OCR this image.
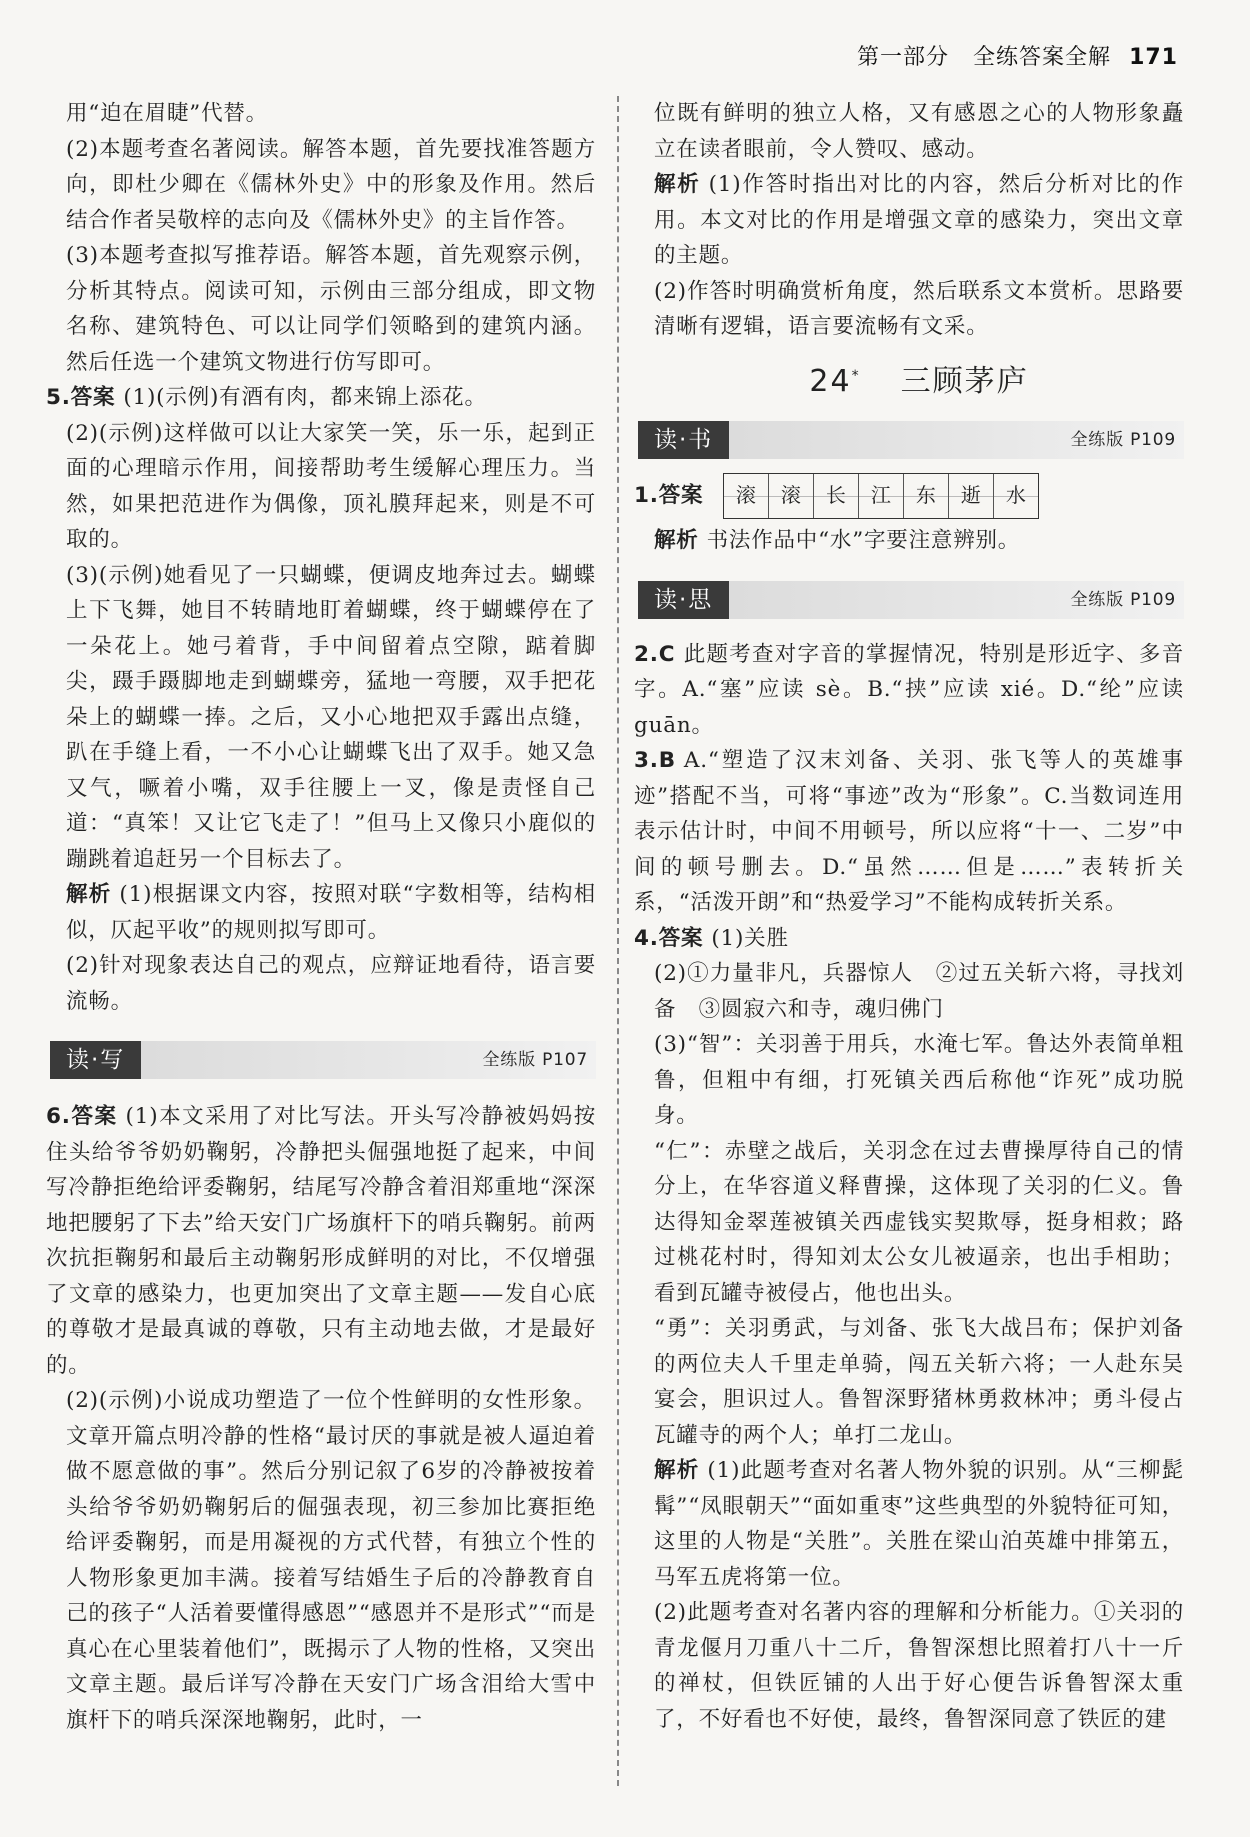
第一部分 全练答案全解 171

用“迫在眉睫”代替。

(2)本题考查名著阅读。解答本题，首先要找准答题方向，即杜少卿在《儒林外史》中的形象及作用。然后结合作者吴敬梓的志向及《儒林外史》的主旨作答。

(3)本题考查拟写推荐语。解答本题，首先观察示例，分析其特点。阅读可知，示例由三部分组成，即文物名称、建筑特色、可以让同学们领略到的建筑内涵。然后任选一个建筑文物进行仿写即可。

5.答案 (1)(示例)有酒有肉，都来锦上添花。

(2)(示例)这样做可以让大家笑一笑，乐一乐，起到正面的心理暗示作用，间接帮助考生缓解心理压力。当然，如果把范进作为偶像，顶礼膜拜起来，则是不可取的。

(3)(示例)她看见了一只蝴蝶，便调皮地奔过去。蝴蝶上下飞舞，她目不转睛地盯着蝴蝶，终于蝴蝶停在了一朵花上。她弓着背，手中间留着点空隙，踮着脚尖，蹑手蹑脚地走到蝴蝶旁，猛地一弯腰，双手把花朵上的蝴蝶一捧。之后，又小心地把双手露出点缝，趴在手缝上看，一不小心让蝴蝶飞出了双手。她又急又气，噘着小嘴，双手往腰上一叉，像是责怪自己道：“真笨！又让它飞走了！”但马上又像只小鹿似的蹦跳着追赶另一个目标去了。

解析 (1)根据课文内容，按照对联“字数相等，结构相似，仄起平收”的规则拟写即可。

(2)针对现象表达自己的观点，应辩证地看待，语言要流畅。

读·写	全练版 P107

6.答案 (1)本文采用了对比写法。开头写冷静被妈妈按住头给爷爷奶奶鞠躬，冷静把头倔强地挺了起来，中间写冷静拒绝给评委鞠躬，结尾写冷静含着泪郑重地“深深地把腰躬了下去”给天安门广场旗杆下的哨兵鞠躬。前两次抗拒鞠躬和最后主动鞠躬形成鲜明的对比，不仅增强了文章的感染力，也更加突出了文章主题——发自心底的尊敬才是最真诚的尊敬，只有主动地去做，才是最好的。

(2)(示例)小说成功塑造了一位个性鲜明的女性形象。文章开篇点明冷静的性格“最讨厌的事就是被人逼迫着做不愿意做的事”。然后分别记叙了6岁的冷静被按着头给爷爷奶奶鞠躬后的倔强表现，初三参加比赛拒绝给评委鞠躬，而是用凝视的方式代替，有独立个性的人物形象更加丰满。接着写结婚生子后的冷静教育自己的孩子“人活着要懂得感恩”“感恩并不是形式”“而是真心在心里装着他们”，既揭示了人物的性格，又突出文章主题。最后详写冷静在天安门广场含泪给大雪中旗杆下的哨兵深深地鞠躬，此时，一

位既有鲜明的独立人格，又有感恩之心的人物形象矗立在读者眼前，令人赞叹、感动。

解析 (1)作答时指出对比的内容，然后分析对比的作用。本文对比的作用是增强文章的感染力，突出文章的主题。

(2)作答时明确赏析角度，然后联系文本赏析。思路要清晰有逻辑，语言要流畅有文采。

24* 三顾茅庐
读·书	全练版 P109
1.答案 滚 滚 长 江 东 逝 水

解析 书法作品中“水”字要注意辨别。

读·思	全练版 P109

2.C 此题考查对字音的掌握情况，特别是形近字、多音字。A.“塞”应读 sè。B.“挟”应读 xié。D.“纶”应读 guān。

3.B A.“塑造了汉末刘备、关羽、张飞等人的英雄事迹”搭配不当，可将“事迹”改为“形象”。C.当数词连用表示估计时，中间不用顿号，所以应将“十一、二岁”中间的顿号删去。D.“虽然……但是……”表转折关系，“活泼开朗”和“热爱学习”不能构成转折关系。

4.答案 (1)关胜

(2)①力量非凡，兵器惊人　②过五关斩六将，寻找刘备　③圆寂六和寺，魂归佛门

(3)“智”：关羽善于用兵，水淹七军。鲁达外表简单粗鲁，但粗中有细，打死镇关西后称他“诈死”成功脱身。

“仁”：赤壁之战后，关羽念在过去曹操厚待自己的情分上，在华容道义释曹操，这体现了关羽的仁义。鲁达得知金翠莲被镇关西虚钱实契欺辱，挺身相救；路过桃花村时，得知刘太公女儿被逼亲，也出手相助；看到瓦罐寺被侵占，他也出头。

“勇”：关羽勇武，与刘备、张飞大战吕布；保护刘备的两位夫人千里走单骑，闯五关斩六将；一人赴东吴宴会，胆识过人。鲁智深野猪林勇救林冲；勇斗侵占瓦罐寺的两个人；单打二龙山。

解析 (1)此题考查对名著人物外貌的识别。从“三柳髭髯”“凤眼朝天”“面如重枣”这些典型的外貌特征可知，这里的人物是“关胜”。关胜在梁山泊英雄中排第五，马军五虎将第一位。

(2)此题考查对名著内容的理解和分析能力。①关羽的青龙偃月刀重八十二斤，鲁智深想比照着打八十一斤的禅杖，但铁匠铺的人出于好心便告诉鲁智深太重了，不好看也不好使，最终，鲁智深同意了铁匠的建
